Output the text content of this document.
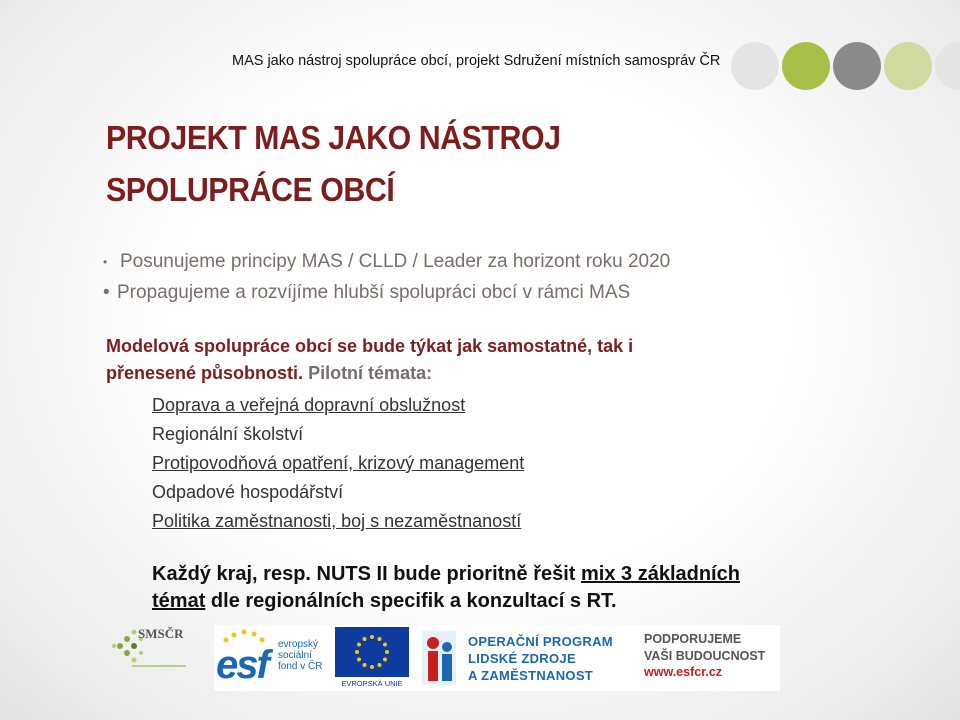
MAS jako nástroj spolupráce obcí, projekt Sdružení místních samospráv ČR
PROJEKT MAS JAKO NÁSTROJ
SPOLUPRÁCE OBCÍ
• Posunujeme principy MAS / CLLD / Leader za horizont roku 2020
• Propagujeme a rozvíjíme hlubší spolupráci obcí v rámci MAS
Modelová spolupráce obcí se bude týkat jak samostatné, tak i
přenesené působnosti. Pilotní témata:
Doprava a veřejná dopravní obslužnost
Regionální školství
Protipovodňová opatření, krizový management
Odpadové hospodářství
Politika zaměstnanosti, boj s nezaměstnaností
Každý kraj, resp. NUTS II bude prioritně řešit mix 3 základních
témat dle regionálních specifik a konzultací s RT.
SMSČR
esf evropský
sociální
fond v ČR
EVROPSKÁ UNIE
OPERAČNÍ PROGRAM
LIDSKÉ ZDROJE
A ZAMĚSTNANOST
PODPORUJEME
VAŠI BUDOUCNOST
www.esfcr.cz
